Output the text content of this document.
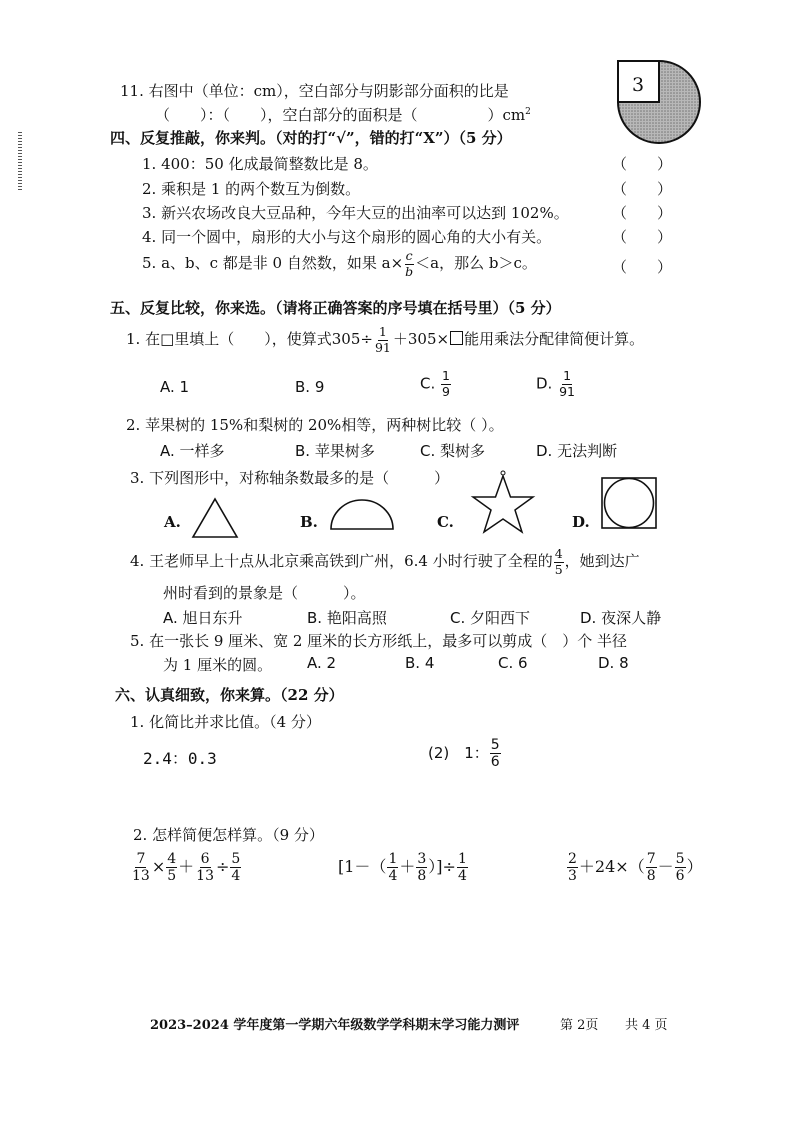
11. 右图中（单位：cm），空白部分与阴影部分面积的比是
（　　）：（　　），空白部分的面积是（	）$cm^2$
3
四、反复推敲，你来判。（对的打“√”，错的打“X”）（5 分）
1. 400：50 化成最简整数比是 8。	（　　）
2. 乘积是 1 的两个数互为倒数。	（　　）
3. 新兴农场改良大豆品种，今年大豆的出油率可以达到 102%。	（　　）
4. 同一个圆中，扇形的大小与这个扇形的圆心角的大小有关。	（　　）
5. a、b、c 都是非 0 自然数，如果 $a\times \frac{c}{b} <a$，那么 b＞c。	（　　）
五、反复比较，你来选。（请将正确答案的序号填在括号里）（5 分）
1. 在□里填上（　　），使算式$305\div \frac{1}{91} +305\times$ 能用乘法分配律简便计算。
A. 1	B. 9	C. $\frac{1}{9}$	D. $\frac{1}{91}$
2. 苹果树的 15%和梨树的 20%相等，两种树比较（ ）。
A. 一样多	B. 苹果树多	C. 梨树多	D. 无法判断
3. 下列图形中，对称轴条数最多的是（　　　）
A.	B.	C.	D.
4. 王老师早上十点从北京乘高铁到广州，6.4 小时行驶了全程的 $\frac{4}{5}$ ，她到达广
州时看到的景象是（　　　）。
A. 旭日东升	B. 艳阳高照	C. 夕阳西下	D. 夜深人静
5. 在一张长 9 厘米、宽 2 厘米的长方形纸上，最多可以剪成（　）个 半径
为 1 厘米的圆。 A. 2	B. 4	C. 6	D. 8
六、认真细致，你来算。（22 分）
1. 化简比并求比值。（4 分）
2.4：0.3	(2)　1： $\frac{5}{6}$
2. 怎样简便怎样算。（9 分）
$\frac{7}{13} \times \frac{4}{5} + \frac{6}{13} \div \frac{5}{4}$	[$1-( \frac{1}{4} + \frac{3}{8}$ ）]÷ $\frac{1}{4}$	$\frac{2}{3} +24\times( \frac{7}{8} - \frac{5}{6}$ ）
2023–2024 学年度第一学期六年级数学学科期末学习能力测评	第 2页 共 4 页
